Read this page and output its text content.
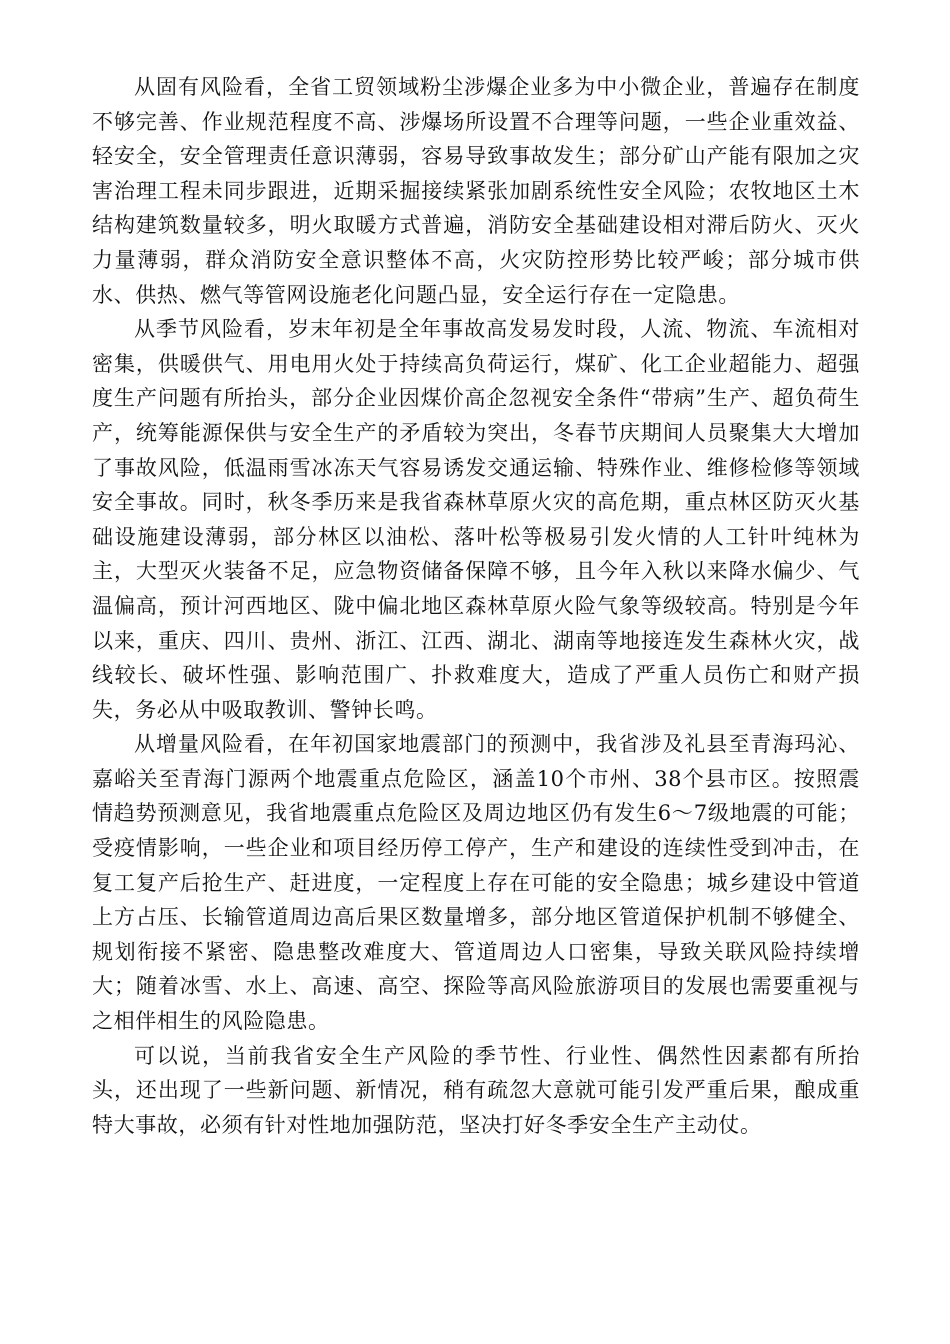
从固有风险看，全省工贸领域粉尘涉爆企业多为中小微企业，普遍存在制度不够完善、作业规范程度不高、涉爆场所设置不合理等问题，一些企业重效益、轻安全，安全管理责任意识薄弱，容易导致事故发生；部分矿山产能有限加之灾害治理工程未同步跟进，近期采掘接续紧张加剧系统性安全风险；农牧地区土木结构建筑数量较多，明火取暖方式普遍，消防安全基础建设相对滞后防火、灭火力量薄弱，群众消防安全意识整体不高，火灾防控形势比较严峻；部分城市供水、供热、燃气等管网设施老化问题凸显，安全运行存在一定隐患。

从季节风险看，岁末年初是全年事故高发易发时段，人流、物流、车流相对密集，供暖供气、用电用火处于持续高负荷运行，煤矿、化工企业超能力、超强度生产问题有所抬头，部分企业因煤价高企忽视安全条件“带病”生产、超负荷生产，统筹能源保供与安全生产的矛盾较为突出，冬春节庆期间人员聚集大大增加了事故风险，低温雨雪冰冻天气容易诱发交通运输、特殊作业、维修检修等领域安全事故。同时，秋冬季历来是我省森林草原火灾的高危期，重点林区防灭火基础设施建设薄弱，部分林区以油松、落叶松等极易引发火情的人工针叶纯林为主，大型灭火装备不足，应急物资储备保障不够，且今年入秋以来降水偏少、气温偏高，预计河西地区、陇中偏北地区森林草原火险气象等级较高。特别是今年以来，重庆、四川、贵州、浙江、江西、湖北、湖南等地接连发生森林火灾，战线较长、破坏性强、影响范围广、扑救难度大，造成了严重人员伤亡和财产损失，务必从中吸取教训、警钟长鸣。

从增量风险看，在年初国家地震部门的预测中，我省涉及礼县至青海玛沁、嘉峪关至青海门源两个地震重点危险区，涵盖10个市州、38个县市区。按照震情趋势预测意见，我省地震重点危险区及周边地区仍有发生6～7级地震的可能；受疫情影响，一些企业和项目经历停工停产，生产和建设的连续性受到冲击，在复工复产后抢生产、赶进度，一定程度上存在可能的安全隐患；城乡建设中管道上方占压、长输管道周边高后果区数量增多，部分地区管道保护机制不够健全、规划衔接不紧密、隐患整改难度大、管道周边人口密集，导致关联风险持续增大；随着冰雪、水上、高速、高空、探险等高风险旅游项目的发展也需要重视与之相伴相生的风险隐患。

可以说，当前我省安全生产风险的季节性、行业性、偶然性因素都有所抬头，还出现了一些新问题、新情况，稍有疏忽大意就可能引发严重后果，酿成重特大事故，必须有针对性地加强防范，坚决打好冬季安全生产主动仗。
